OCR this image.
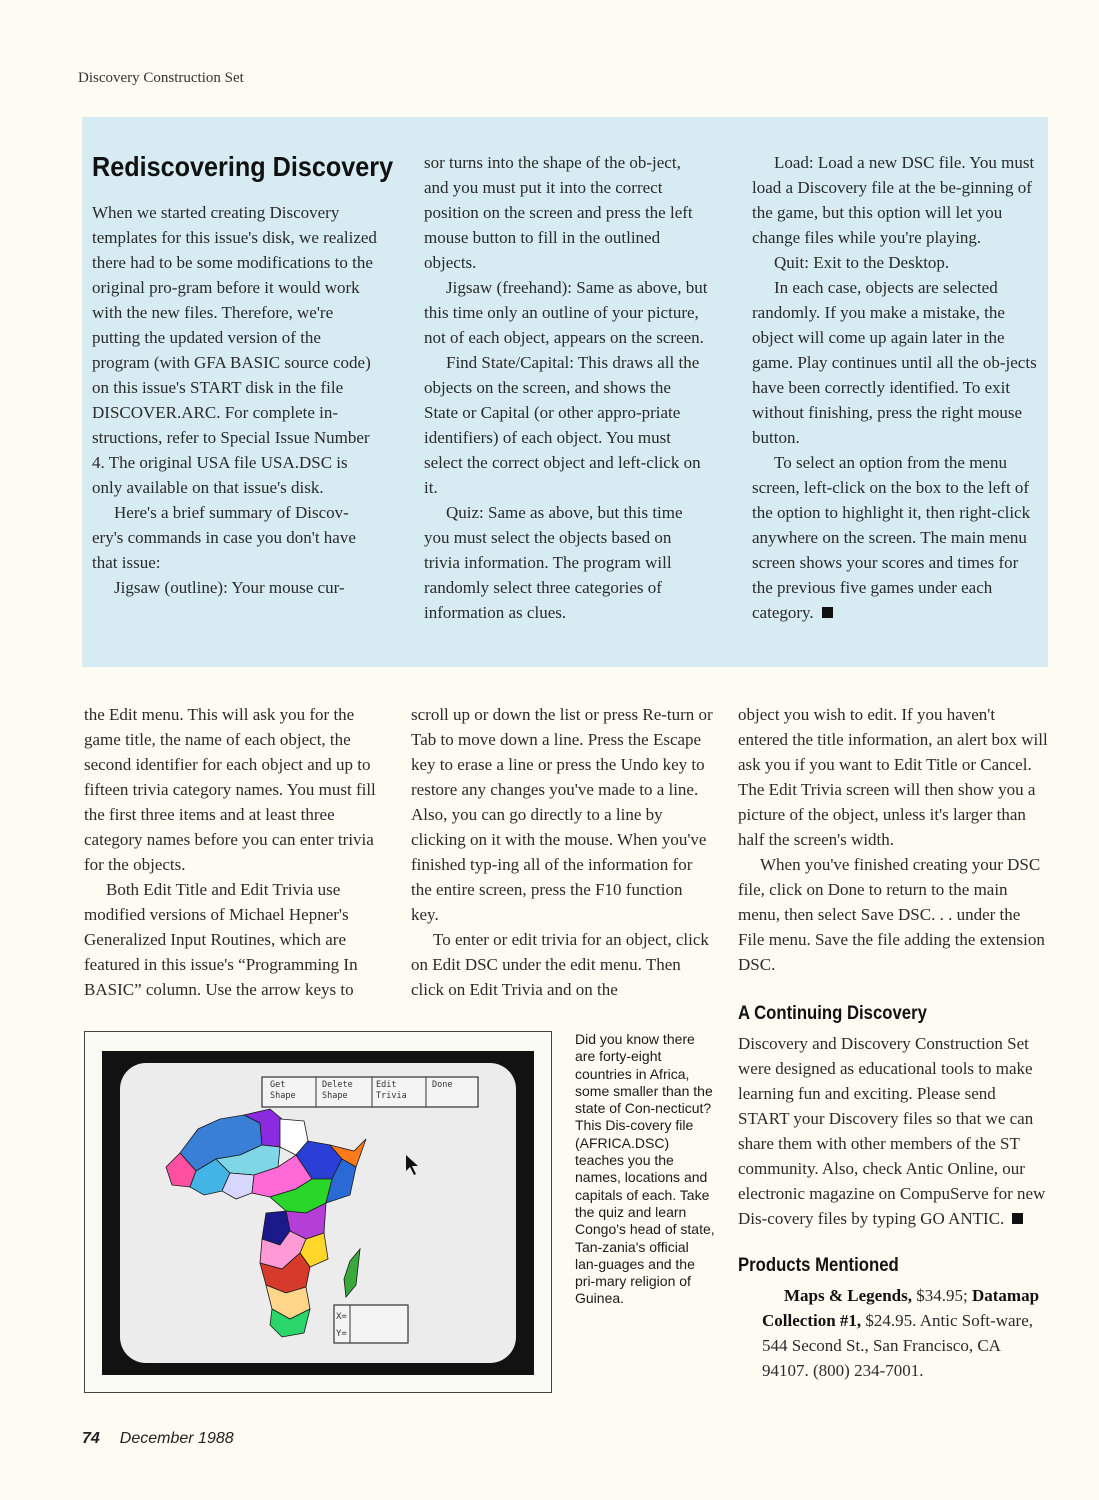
Discovery Construction Set
Rediscovering Discovery

When we started creating Discovery templates for this issue's disk, we realized there had to be some modifications to the original pro-gram before it would work with the new files. Therefore, we're putting the updated version of the program (with GFA BASIC source code) on this issue's START disk in the file DISCOVER.ARC. For complete in-structions, refer to Special Issue Number 4. The original USA file USA.DSC is only available on that issue's disk.

Here's a brief summary of Discov-ery's commands in case you don't have that issue:

Jigsaw (outline): Your mouse cur-

sor turns into the shape of the ob-ject, and you must put it into the correct position on the screen and press the left mouse button to fill in the outlined objects.

Jigsaw (freehand): Same as above, but this time only an outline of your picture, not of each object, appears on the screen.

Find State/Capital: This draws all the objects on the screen, and shows the State or Capital (or other appro-priate identifiers) of each object. You must select the correct object and left-click on it.

Quiz: Same as above, but this time you must select the objects based on trivia information. The program will randomly select three categories of information as clues.

Load: Load a new DSC file. You must load a Discovery file at the be-ginning of the game, but this option will let you change files while you're playing.

Quit: Exit to the Desktop.

In each case, objects are selected randomly. If you make a mistake, the object will come up again later in the game. Play continues until all the ob-jects have been correctly identified. To exit without finishing, press the right mouse button.

To select an option from the menu screen, left-click on the box to the left of the option to highlight it, then right-click anywhere on the screen. The main menu screen shows your scores and times for the previous five games under each category.

the Edit menu. This will ask you for the game title, the name of each object, the second identifier for each object and up to fifteen trivia category names. You must fill the first three items and at least three category names before you can enter trivia for the objects.

Both Edit Title and Edit Trivia use modified versions of Michael Hepner's Generalized Input Routines, which are featured in this issue's “Programming In BASIC” column. Use the arrow keys to

scroll up or down the list or press Re-turn or Tab to move down a line. Press the Escape key to erase a line or press the Undo key to restore any changes you've made to a line. Also, you can go directly to a line by clicking on it with the mouse. When you've finished typ-ing all of the information for the entire screen, press the F10 function key.

To enter or edit trivia for an object, click on Edit DSC under the edit menu. Then click on Edit Trivia and on the

object you wish to edit. If you haven't entered the title information, an alert box will ask you if you want to Edit Title or Cancel. The Edit Trivia screen will then show you a picture of the object, unless it's larger than half the screen's width.

When you've finished creating your DSC file, click on Done to return to the main menu, then select Save DSC. . . under the File menu. Save the file adding the extension DSC.

A Continuing Discovery

Discovery and Discovery Construction Set were designed as educational tools to make learning fun and exciting. Please send START your Discovery files so that we can share them with other members of the ST community. Also, check Antic Online, our electronic magazine on CompuServe for new Dis-covery files by typing GO ANTIC.

Products Mentioned

Maps & Legends, $34.95; Datamap Collection #1, $24.95. Antic Soft-ware, 544 Second St., San Francisco, CA 94107. (800) 234-7001.

Get Shape
Delete Shape
Edit Trivia
Done
X=
Y=
Did you know there are forty-eight countries in Africa, some smaller than the state of Con-necticut? This Dis-covery file (AFRICA.DSC) teaches you the names, locations and capitals of each. Take the quiz and learn Congo's head of state, Tan-zania's official lan-guages and the pri-mary religion of Guinea.
74 December 1988
